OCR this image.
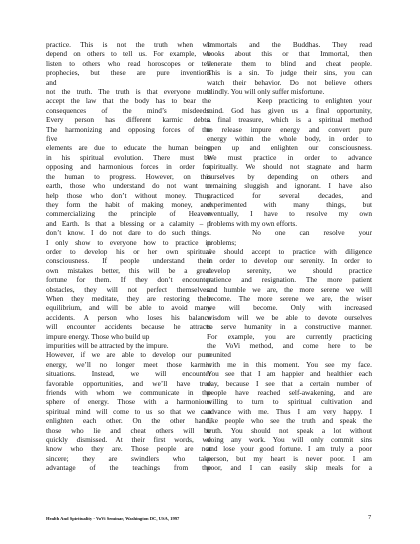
practice. This is not the truth when we
depend on others to tell us. For example, we
listen to others who read horoscopes or tell
prophecies, but these are pure inventions
and
not the truth. The truth is that everyone must
accept the law that the body has to bear the
consequences of the mind’s misdeeds.
Every person has different karmic debts.
The harmonizing and opposing forces of the
five
elements are due to educate the human being
in his spiritual evolution. There must be
opposing and harmonious forces in order for
the human to progress. However, on this
earth, those who understand do not want to
help those who don’t without money. Thus,
they form the habit of making money, and
commercializing the principle of Heaven
and Earth. Is that a blessing or a calamity – I
don’t know. I do not dare to do such things.
I only show to everyone how to practice in
order to develop his or her own spiritual
consciousness. If people understand their
own mistakes better, this will be a great
fortune for them. If they don’t encounter
obstacles, they will not perfect themselves.
When they meditate, they are restoring their
equilibrium, and will be able to avoid many
accidents. A person who loses his balance
will encounter accidents because he attracts
impure energy. Those who build up
impurities will be attracted by the impure.
However, if we are able to develop our pure
energy, we’ll no longer meet those karmic
situations. Instead, we will encounter
favorable opportunities, and we’ll have true
friends with whom we communicate in the
sphere of energy. Those with a harmonious
spiritual mind will come to us so that we can
enlighten each other. On the other hand,
those who lie and cheat others will be
quickly dismissed. At their first words, we
know who they are. Those people are not
sincere; they are swindlers who take
advantage of the teachings from the
Immortals and the Buddhas. They read
books about this or that Immortal, then
venerate them to blind and cheat people.
This is a sin. To judge their sins, you can
watch their behavior. Do not believe others
blindly. You will only suffer misfortune.
Keep practicing to enlighten your
mind. God has given us a final opportunity,
a final treasure, which is a spiritual method
to release impure energy and convert pure
energy within the whole body, in order to
open up and enlighten our consciousness.
We must practice in order to advance
spiritually. We should not stagnate and harm
ourselves by depending on others and
remaining sluggish and ignorant. I have also
practiced for several decades, and
experimented with many things, but
eventually, I have to resolve my own
problems with my own efforts.
No one can resolve your
problems;
we should accept to practice with diligence
in order to develop our serenity. In order to
develop serenity, we should practice
patience and resignation. The more patient
and humble we are, the more serene we will
become. The more serene we are, the wiser
we will become. Only with increased
wisdom will we be able to devote ourselves
to serve humanity in a constructive manner.
For example, you are currently practicing
the VoVi method, and come here to be
reunited
with me in this moment. You see my face.
You see that I am happier and healthier each
day, because I see that a certain number of
people have reached self-awakening, and are
willing to turn to spiritual cultivation and
advance with me. Thus I am very happy. I
like people who see the truth and speak the
truth. You should not speak a lot without
doing any work. You will only commit sins
and lose your good fortune. I am truly a poor
person, but my heart is never poor. I am
poor, and I can easily skip meals for a
Health And Spirituality - VoVi Seminar, Washington DC, USA, 1997	7
